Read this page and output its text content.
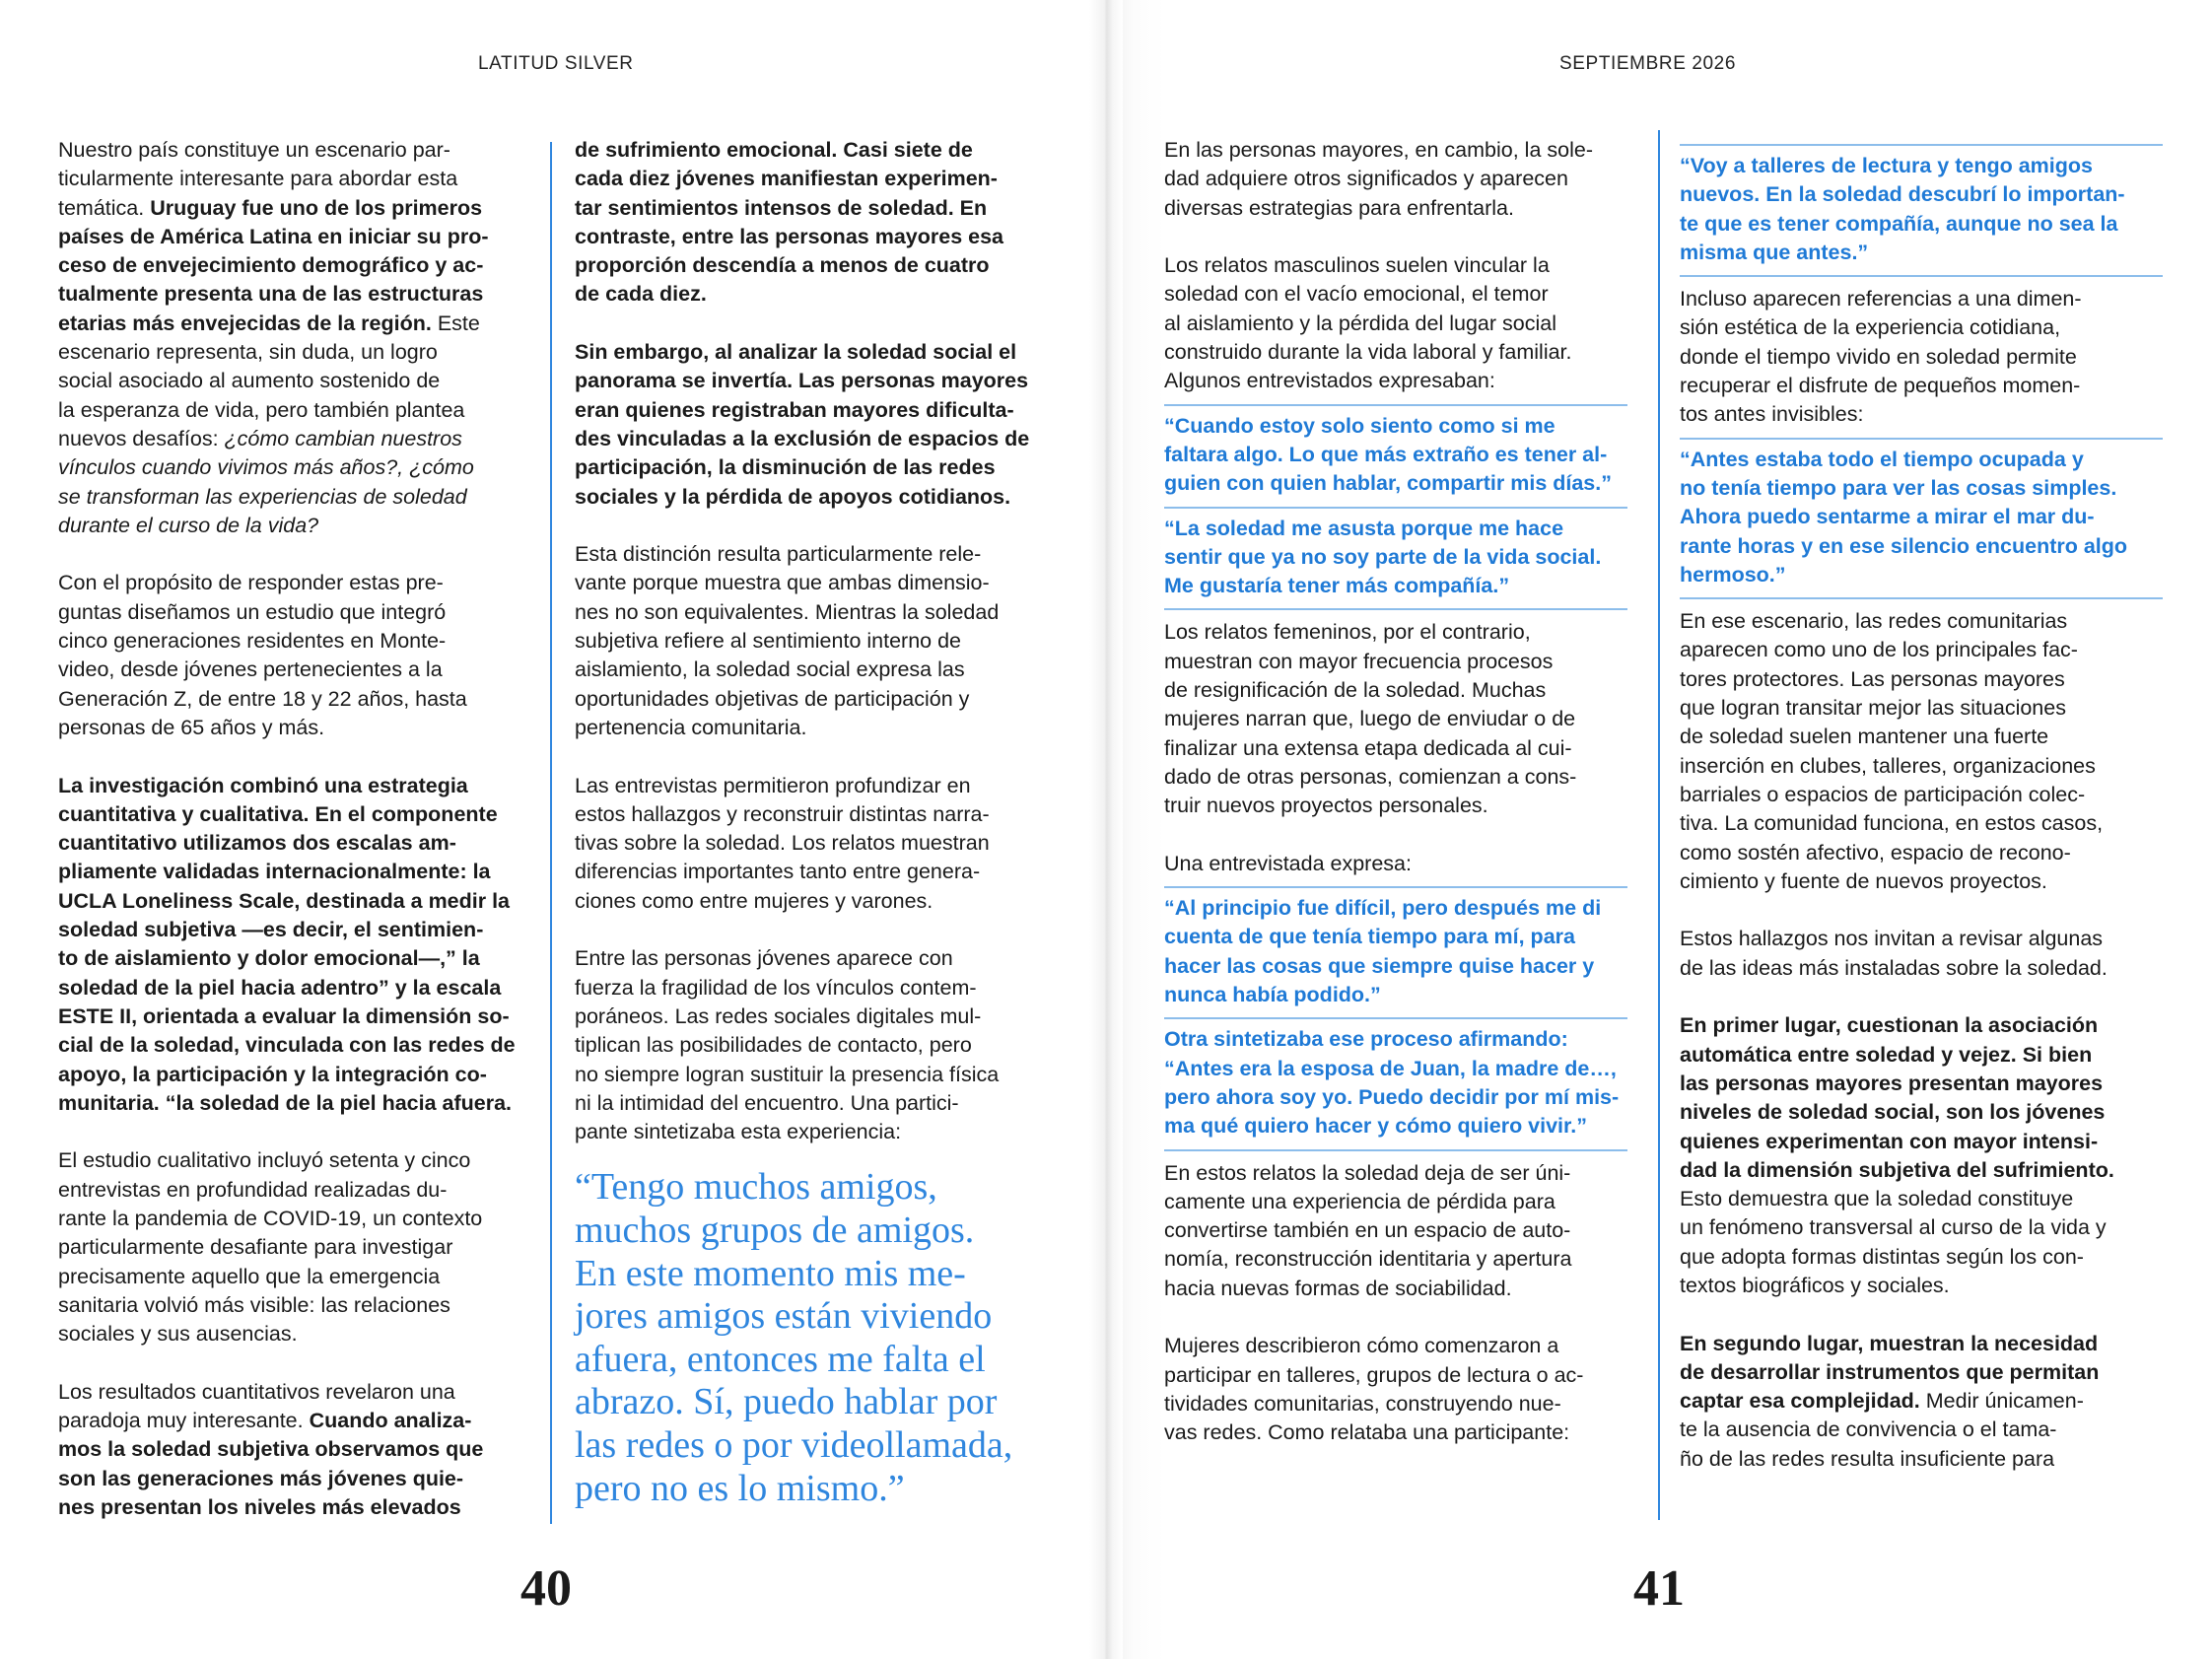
LATITUD SILVER
Nuestro país constituye un escenario par-
ticularmente interesante para abordar esta
temática. Uruguay fue uno de los primeros
países de América Latina en iniciar su pro-
ceso de envejecimiento demográfico y ac-
tualmente presenta una de las estructuras
etarias más envejecidas de la región. Este
escenario representa, sin duda, un logro
social asociado al aumento sostenido de
la esperanza de vida, pero también plantea
nuevos desafíos: ¿cómo cambian nuestros
vínculos cuando vivimos más años?, ¿cómo
se transforman las experiencias de soledad
durante el curso de la vida?
Con el propósito de responder estas pre-
guntas diseñamos un estudio que integró
cinco generaciones residentes en Monte-
video, desde jóvenes pertenecientes a la
Generación Z, de entre 18 y 22 años, hasta
personas de 65 años y más.
La investigación combinó una estrategia
cuantitativa y cualitativa. En el componente
cuantitativo utilizamos dos escalas am-
pliamente validadas internacionalmente: la
UCLA Loneliness Scale, destinada a medir la
soledad subjetiva —es decir, el sentimien-
to de aislamiento y dolor emocional—,” la
soledad de la piel hacia adentro” y la escala
ESTE II, orientada a evaluar la dimensión so-
cial de la soledad, vinculada con las redes de
apoyo, la participación y la integración co-
munitaria. “la soledad de la piel hacia afuera.
El estudio cualitativo incluyó setenta y cinco
entrevistas en profundidad realizadas du-
rante la pandemia de COVID-19, un contexto
particularmente desafiante para investigar
precisamente aquello que la emergencia
sanitaria volvió más visible: las relaciones
sociales y sus ausencias.
Los resultados cuantitativos revelaron una
paradoja muy interesante. Cuando analiza-
mos la soledad subjetiva observamos que
son las generaciones más jóvenes quie-
nes presentan los niveles más elevados
de sufrimiento emocional. Casi siete de
cada diez jóvenes manifiestan experimen-
tar sentimientos intensos de soledad. En
contraste, entre las personas mayores esa
proporción descendía a menos de cuatro
de cada diez.
Sin embargo, al analizar la soledad social el
panorama se invertía. Las personas mayores
eran quienes registraban mayores dificulta-
des vinculadas a la exclusión de espacios de
participación, la disminución de las redes
sociales y la pérdida de apoyos cotidianos.
Esta distinción resulta particularmente rele-
vante porque muestra que ambas dimensio-
nes no son equivalentes. Mientras la soledad
subjetiva refiere al sentimiento interno de
aislamiento, la soledad social expresa las
oportunidades objetivas de participación y
pertenencia comunitaria.
Las entrevistas permitieron profundizar en
estos hallazgos y reconstruir distintas narra-
tivas sobre la soledad. Los relatos muestran
diferencias importantes tanto entre genera-
ciones como entre mujeres y varones.
Entre las personas jóvenes aparece con
fuerza la fragilidad de los vínculos contem-
poráneos. Las redes sociales digitales mul-
tiplican las posibilidades de contacto, pero
no siempre logran sustituir la presencia física
ni la intimidad del encuentro. Una partici-
pante sintetizaba esta experiencia:
“Tengo muchos amigos,
muchos grupos de amigos.
En este momento mis me-
jores amigos están viviendo
afuera, entonces me falta el
abrazo. Sí, puedo hablar por
las redes o por videollamada,
pero no es lo mismo.”
40
SEPTIEMBRE 2026
En las personas mayores, en cambio, la sole-
dad adquiere otros significados y aparecen
diversas estrategias para enfrentarla.
Los relatos masculinos suelen vincular la
soledad con el vacío emocional, el temor
al aislamiento y la pérdida del lugar social
construido durante la vida laboral y familiar.
Algunos entrevistados expresaban:
“Cuando estoy solo siento como si me
faltara algo. Lo que más extraño es tener al-
guien con quien hablar, compartir mis días.”
“La soledad me asusta porque me hace
sentir que ya no soy parte de la vida social.
Me gustaría tener más compañía.”
Los relatos femeninos, por el contrario,
muestran con mayor frecuencia procesos
de resignificación de la soledad. Muchas
mujeres narran que, luego de enviudar o de
finalizar una extensa etapa dedicada al cui-
dado de otras personas, comienzan a cons-
truir nuevos proyectos personales.
Una entrevistada expresa:
“Al principio fue difícil, pero después me di
cuenta de que tenía tiempo para mí, para
hacer las cosas que siempre quise hacer y
nunca había podido.”
Otra sintetizaba ese proceso afirmando:
“Antes era la esposa de Juan, la madre de…,
pero ahora soy yo. Puedo decidir por mí mis-
ma qué quiero hacer y cómo quiero vivir.”
En estos relatos la soledad deja de ser úni-
camente una experiencia de pérdida para
convertirse también en un espacio de auto-
nomía, reconstrucción identitaria y apertura
hacia nuevas formas de sociabilidad.
Mujeres describieron cómo comenzaron a
participar en talleres, grupos de lectura o ac-
tividades comunitarias, construyendo nue-
vas redes. Como relataba una participante:
“Voy a talleres de lectura y tengo amigos
nuevos. En la soledad descubrí lo importan-
te que es tener compañía, aunque no sea la
misma que antes.”
Incluso aparecen referencias a una dimen-
sión estética de la experiencia cotidiana,
donde el tiempo vivido en soledad permite
recuperar el disfrute de pequeños momen-
tos antes invisibles:
“Antes estaba todo el tiempo ocupada y
no tenía tiempo para ver las cosas simples.
Ahora puedo sentarme a mirar el mar du-
rante horas y en ese silencio encuentro algo
hermoso.”
En ese escenario, las redes comunitarias
aparecen como uno de los principales fac-
tores protectores. Las personas mayores
que logran transitar mejor las situaciones
de soledad suelen mantener una fuerte
inserción en clubes, talleres, organizaciones
barriales o espacios de participación colec-
tiva. La comunidad funciona, en estos casos,
como sostén afectivo, espacio de recono-
cimiento y fuente de nuevos proyectos.
Estos hallazgos nos invitan a revisar algunas
de las ideas más instaladas sobre la soledad.
En primer lugar, cuestionan la asociación
automática entre soledad y vejez. Si bien
las personas mayores presentan mayores
niveles de soledad social, son los jóvenes
quienes experimentan con mayor intensi-
dad la dimensión subjetiva del sufrimiento.
Esto demuestra que la soledad constituye
un fenómeno transversal al curso de la vida y
que adopta formas distintas según los con-
textos biográficos y sociales.
En segundo lugar, muestran la necesidad
de desarrollar instrumentos que permitan
captar esa complejidad. Medir únicamen-
te la ausencia de convivencia o el tama-
ño de las redes resulta insuficiente para
41
